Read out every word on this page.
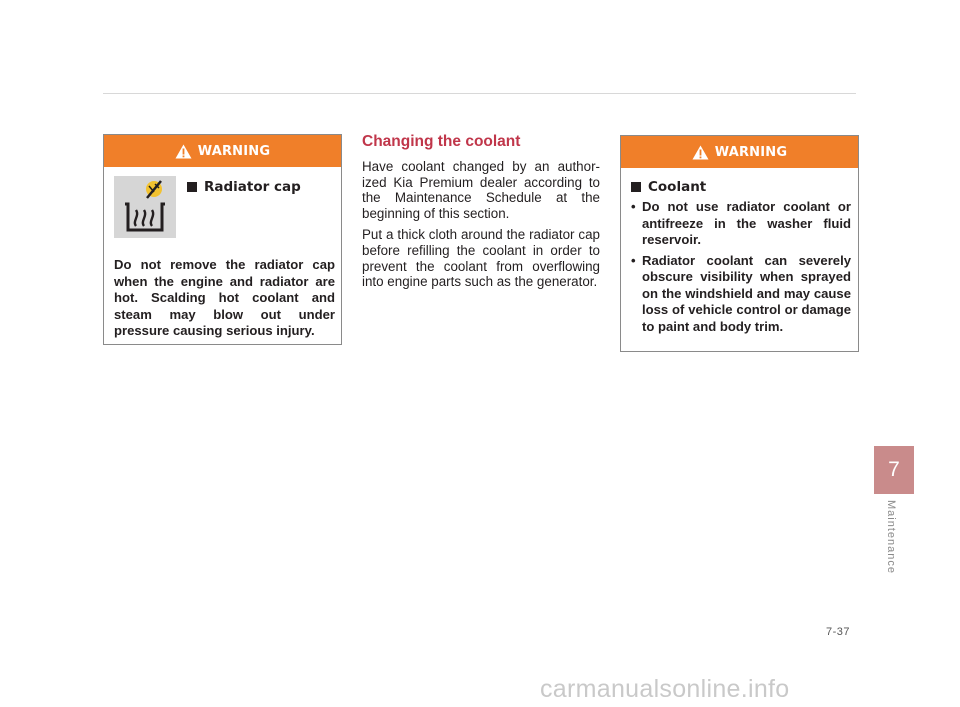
WARNING
Radiator cap
Do not remove the radiator cap when the engine and radiator are hot. Scalding hot coolant and steam may blow out under pressure causing serious injury.
Changing the coolant

Have coolant changed by an author-ized Kia Premium dealer according to the Maintenance Schedule at the beginning of this section.

Put a thick cloth around the radiator cap before refilling the coolant in order to prevent the coolant from overflowing into engine parts such as the generator.

WARNING
Coolant
• Do not use radiator coolant or antifreeze in the washer fluid reservoir.
• Radiator coolant can severely obscure visibility when sprayed on the windshield and may cause loss of vehicle control or damage to paint and body trim.
7
Maintenance
7-37
carmanualsonline.info
